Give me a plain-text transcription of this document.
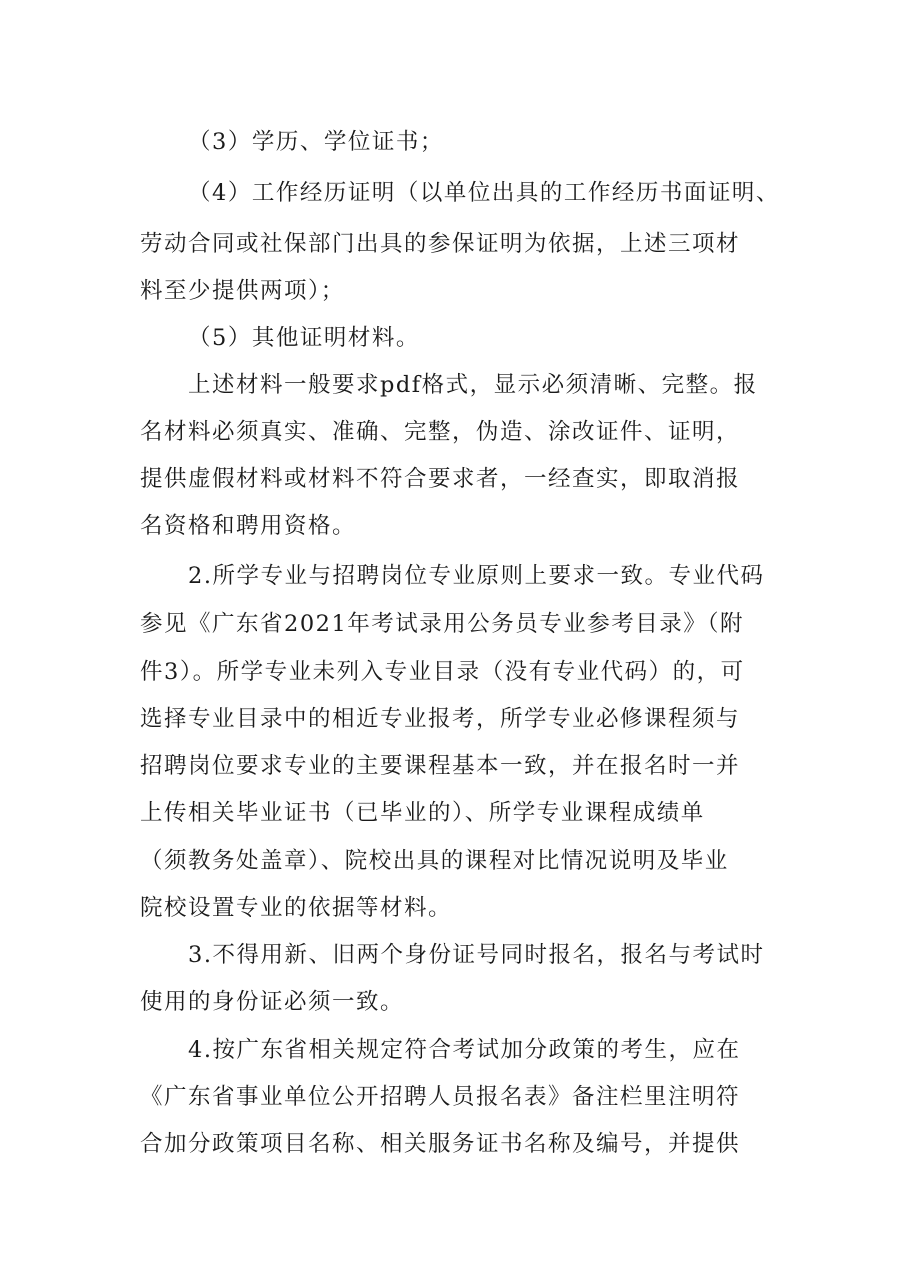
（3）学历、学位证书；
（4）工作经历证明（以单位出具的工作经历书面证明、
劳动合同或社保部门出具的参保证明为依据，上述三项材
料至少提供两项）；
（5）其他证明材料。
上述材料一般要求pdf格式，显示必须清晰、完整。报
名材料必须真实、准确、完整，伪造、涂改证件、证明，
提供虚假材料或材料不符合要求者，一经查实，即取消报
名资格和聘用资格。
2.所学专业与招聘岗位专业原则上要求一致。专业代码
参见《广东省2021年考试录用公务员专业参考目录》（附
件3）。所学专业未列入专业目录（没有专业代码）的，可
选择专业目录中的相近专业报考，所学专业必修课程须与
招聘岗位要求专业的主要课程基本一致，并在报名时一并
上传相关毕业证书（已毕业的）、所学专业课程成绩单
（须教务处盖章）、院校出具的课程对比情况说明及毕业
院校设置专业的依据等材料。
3.不得用新、旧两个身份证号同时报名，报名与考试时
使用的身份证必须一致。
4.按广东省相关规定符合考试加分政策的考生，应在
《广东省事业单位公开招聘人员报名表》备注栏里注明符
合加分政策项目名称、相关服务证书名称及编号，并提供
